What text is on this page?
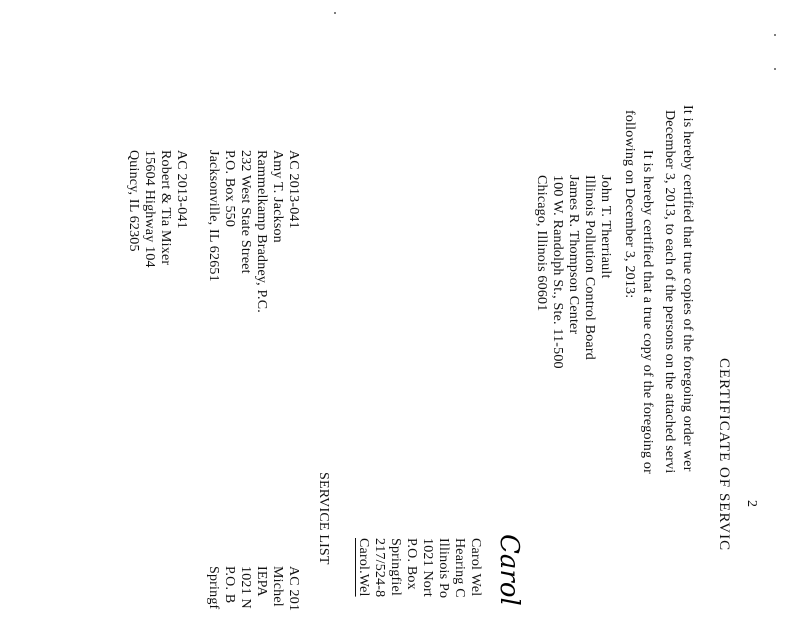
2
CERTIFICATE OF SERVIC
It is hereby certified that true copies of the foregoing order wer
December 3, 2013, to each of the persons on the attached servi
It is hereby certified that a true copy of the foregoing or
following on December 3, 2013:
John T. Therriault
Illinois Pollution Control Board
James R. Thompson Center
100 W. Randolph St., Ste. 11-500
Chicago, Illinois 60601
Carol
Carol Wel
Hearing C
Illinois Po
1021 Nort
P.O. Box
Springfiel
217/524-8
Carol.Wel
SERVICE LIST
AC 2013-041
Amy T. Jackson
Rammelkamp Bradney, P.C.
232 West State Street
P.O. Box 550
Jacksonville, IL 62651
AC 2013-041
Robert & Tia Mixer
15604 Highway 104
Quincy, IL 62305
AC 201
Michel
IEPA
1021 N
P.O. B
Springf
